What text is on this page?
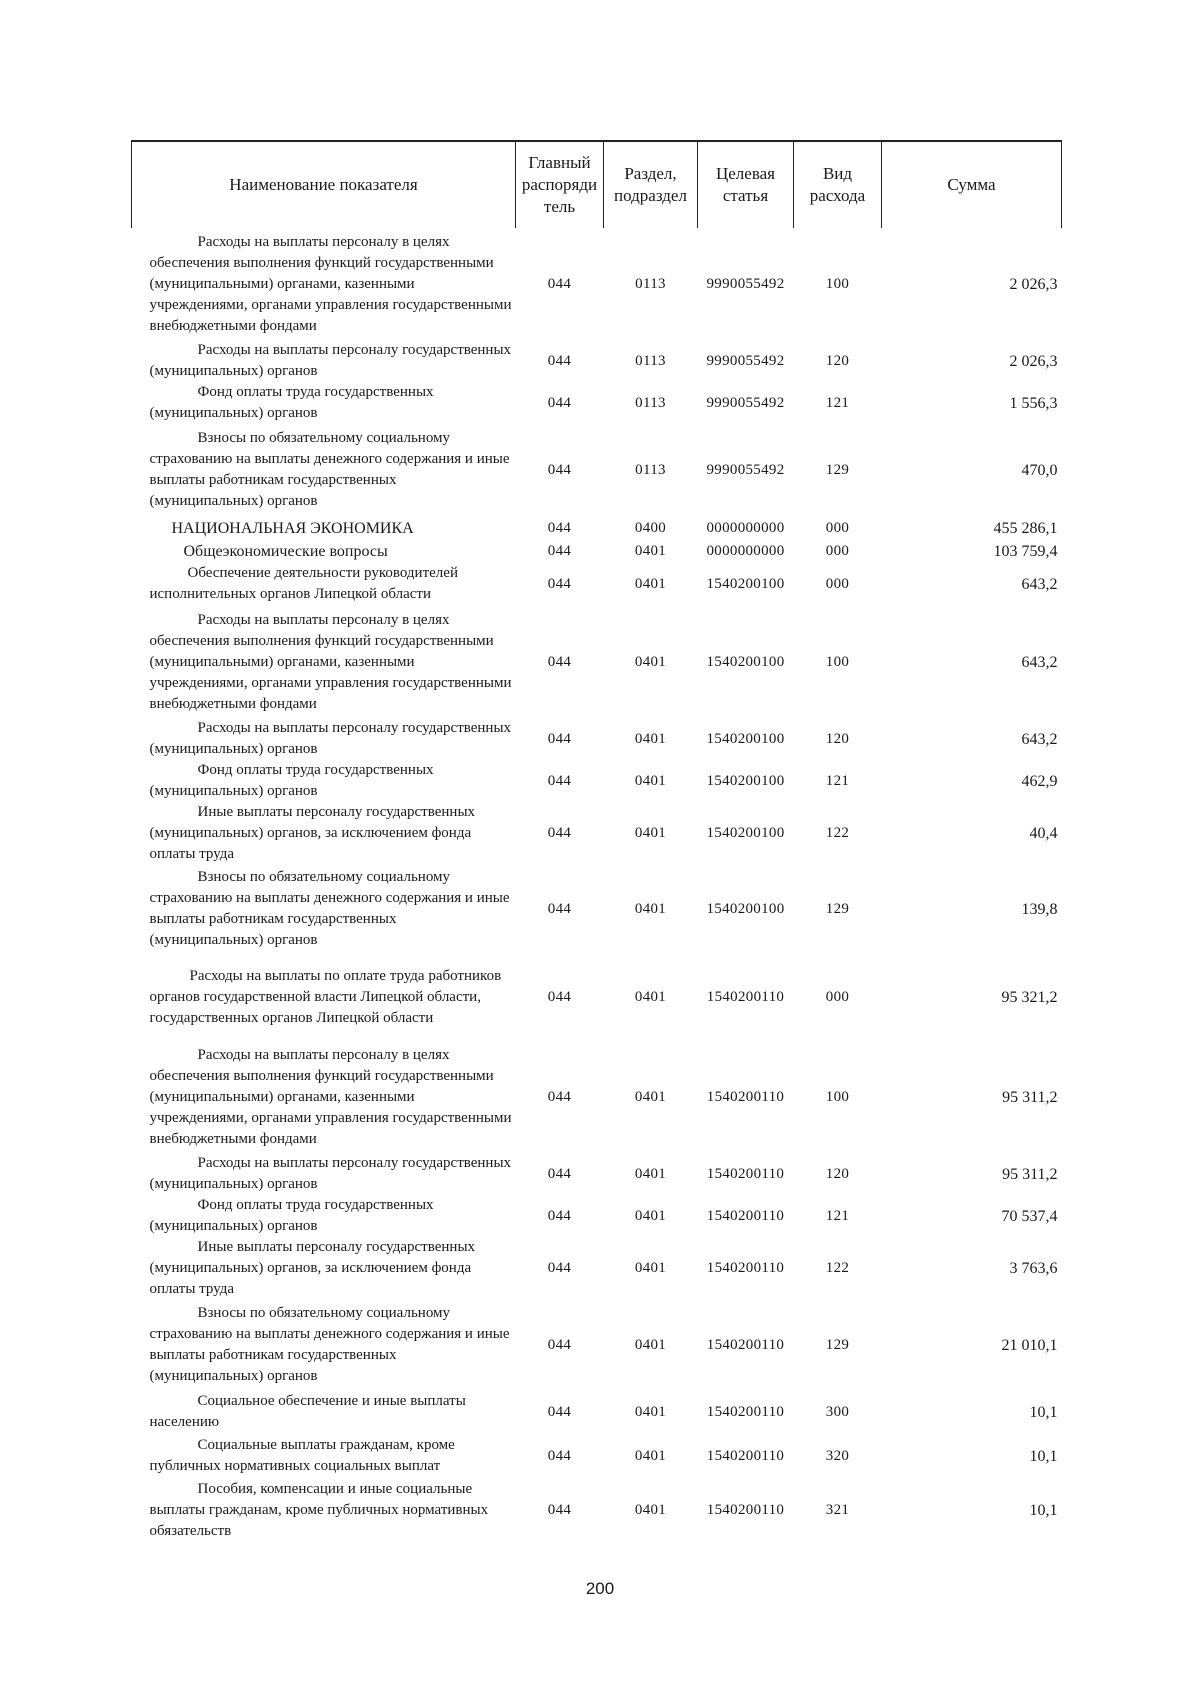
Наименование показателя	Главный распоряди тель	Раздел, подраздел	Целевая статья	Вид расхода	Сумма

Расходы на выплаты персоналу в целях обеспечения выполнения функций государственными (муниципальными) органами, казенными учреждениями, органами управления государственными внебюджетными фондами	044	0113	9990055492	100	2 026,3

Расходы на выплаты персоналу государственных (муниципальных) органов	044	0113	9990055492	120	2 026,3

Фонд оплаты труда государственных (муниципальных) органов	044	0113	9990055492	121	1 556,3

Взносы по обязательному социальному страхованию на выплаты денежного содержания и иные выплаты работникам государственных (муниципальных) органов	044	0113	9990055492	129	470,0

НАЦИОНАЛЬНАЯ ЭКОНОМИКА	044	0400	0000000000	000	455 286,1

Общеэкономические вопросы	044	0401	0000000000	000	103 759,4

Обеспечение деятельности руководителей исполнительных органов Липецкой области	044	0401	1540200100	000	643,2

Расходы на выплаты персоналу в целях обеспечения выполнения функций государственными (муниципальными) органами, казенными учреждениями, органами управления государственными внебюджетными фондами	044	0401	1540200100	100	643,2

Расходы на выплаты персоналу государственных (муниципальных) органов	044	0401	1540200100	120	643,2

Фонд оплаты труда государственных (муниципальных) органов	044	0401	1540200100	121	462,9

Иные выплаты персоналу государственных (муниципальных) органов, за исключением фонда оплаты труда	044	0401	1540200100	122	40,4

Взносы по обязательному социальному страхованию на выплаты денежного содержания и иные выплаты работникам государственных (муниципальных) органов	044	0401	1540200100	129	139,8

Расходы на выплаты по оплате труда работников органов государственной власти Липецкой области, государственных органов Липецкой области	044	0401	1540200110	000	95 321,2

Расходы на выплаты персоналу в целях обеспечения выполнения функций государственными (муниципальными) органами, казенными учреждениями, органами управления государственными внебюджетными фондами	044	0401	1540200110	100	95 311,2

Расходы на выплаты персоналу государственных (муниципальных) органов	044	0401	1540200110	120	95 311,2

Фонд оплаты труда государственных (муниципальных) органов	044	0401	1540200110	121	70 537,4

Иные выплаты персоналу государственных (муниципальных) органов, за исключением фонда оплаты труда	044	0401	1540200110	122	3 763,6

Взносы по обязательному социальному страхованию на выплаты денежного содержания и иные выплаты работникам государственных (муниципальных) органов	044	0401	1540200110	129	21 010,1

Социальное обеспечение и иные выплаты населению	044	0401	1540200110	300	10,1

Социальные выплаты гражданам, кроме публичных нормативных социальных выплат	044	0401	1540200110	320	10,1

Пособия, компенсации и иные социальные выплаты гражданам, кроме публичных нормативных обязательств	044	0401	1540200110	321	10,1
200
